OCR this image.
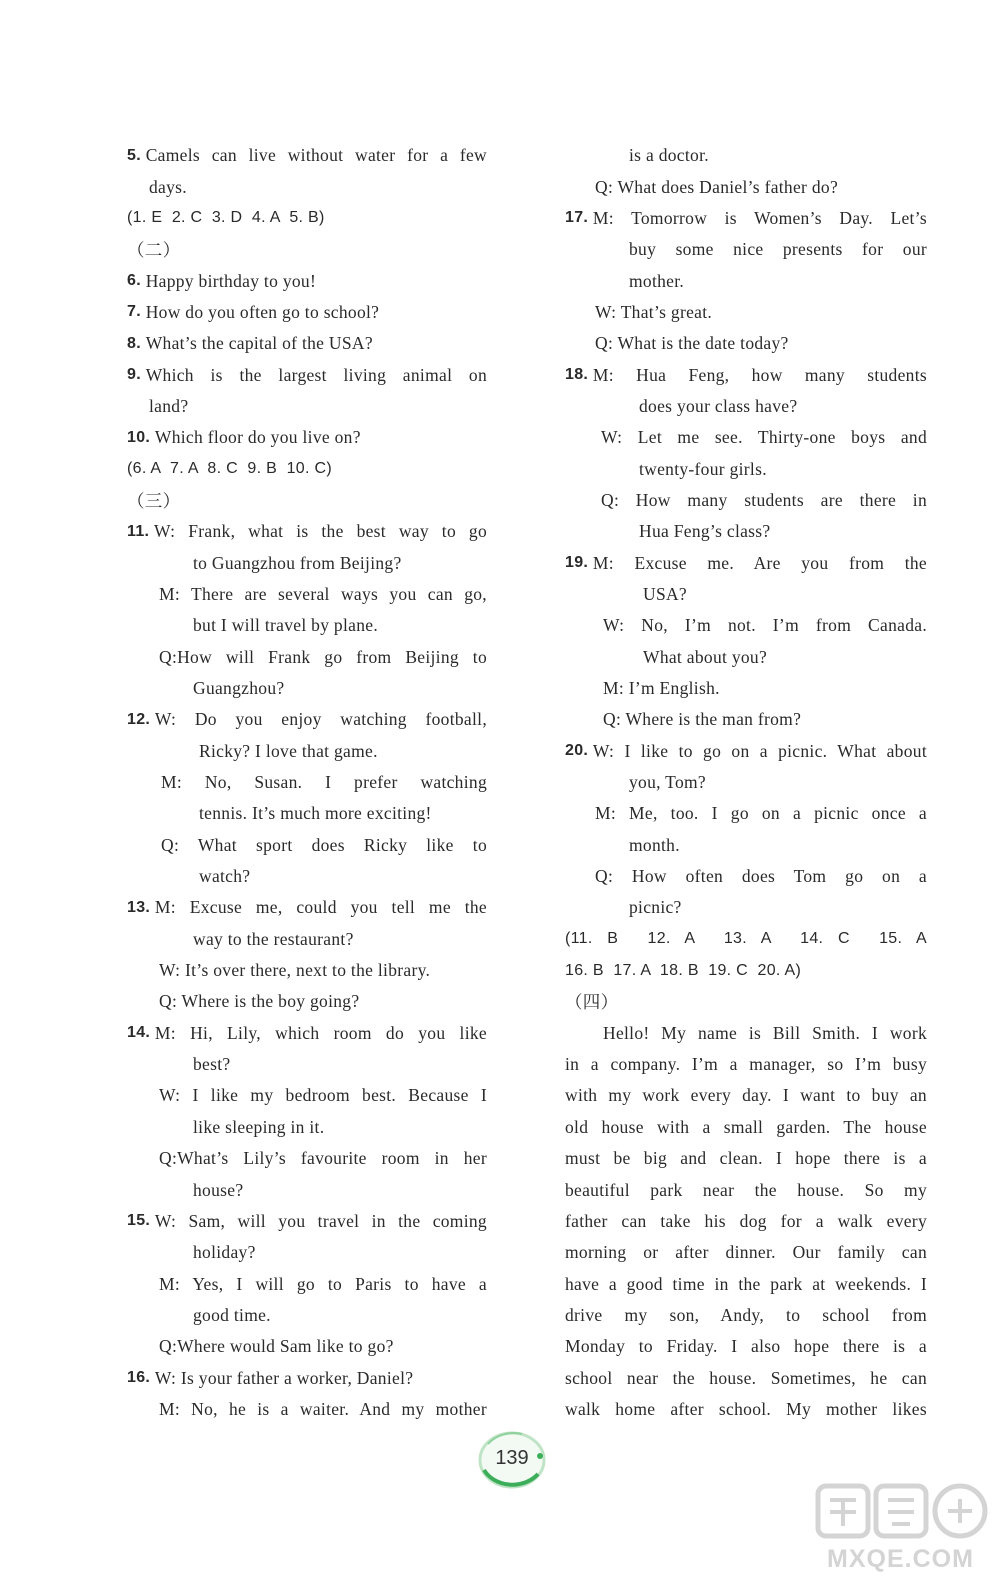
5. Camels can live without water for a few
days.
(1. E
2. C 3. D 4. A 5. B)
（二）
6. Happy birthday to you!
7. How do you often go to school?
8. What’s the capital of the USA?
9. Which is the largest living animal on
land?
10. Which floor do you live on?
(6. A  7. A  8. C  9. B  10. C)
（三）
11. W: Frank, what is the best way to go
to Guangzhou from Beijing?
M: There are several ways you can go,
but I will travel by plane.
Q:How will Frank go from Beijing to
Guangzhou?
12. W: Do you enjoy watching football,
Ricky? I love that game.
M: No, Susan. I prefer watching
tennis. It’s much more exciting!
Q: What sport does Ricky like to
watch?
13. M: Excuse me, could you tell me the
way to the restaurant?
W: It’s over there, next to the library.
Q: Where is the boy going?
14. M: Hi, Lily, which room do you like
best?
W: I like my bedroom best. Because I
like sleeping in it.
Q:What’s Lily’s favourite room in her
house?
15. W: Sam, will you travel in the coming
holiday?
M: Yes, I will go to Paris to have a
good time.
Q:Where would Sam like to go?
16. W: Is your father a worker, Daniel?
M: No, he is a waiter. And my mother
is a doctor.
Q: What does Daniel’s father do?
17. M: Tomorrow is Women’s Day. Let’s
buy some nice presents for our
mother.
W: That’s great.
Q: What is the date today?
18. M: Hua Feng, how many students
does your class have?
W: Let me see. Thirty-one boys and
twenty-four girls.
Q: How many students are there in
Hua Feng’s class?
19. M: Excuse me. Are you from the
USA?
W: No, I’m not. I’m from Canada.
What about you?
M: I’m English.
Q: Where is the man from?
20. W: I like to go on a picnic. What about
you, Tom?
M: Me, too. I go on a picnic once a
month.
Q: How often does Tom go on a
picnic?
(11. B  12. A  13. A  14. C  15. A
16. B  17. A  18. B  19. C  20. A)
（四）
Hello! My name is Bill Smith. I work
in a company. I’m a manager, so I’m busy
with my work every day. I want to buy an
old house with a small garden. The house
must be big and clean. I hope there is a
beautiful park near the house. So my
father can take his dog for a walk every
morning or after dinner. Our family can
have a good time in the park at weekends. I
drive my son, Andy, to school from
Monday to Friday. I also hope there is a
school near the house. Sometimes, he can
walk home after school. My mother likes
139
MXQE.COM
